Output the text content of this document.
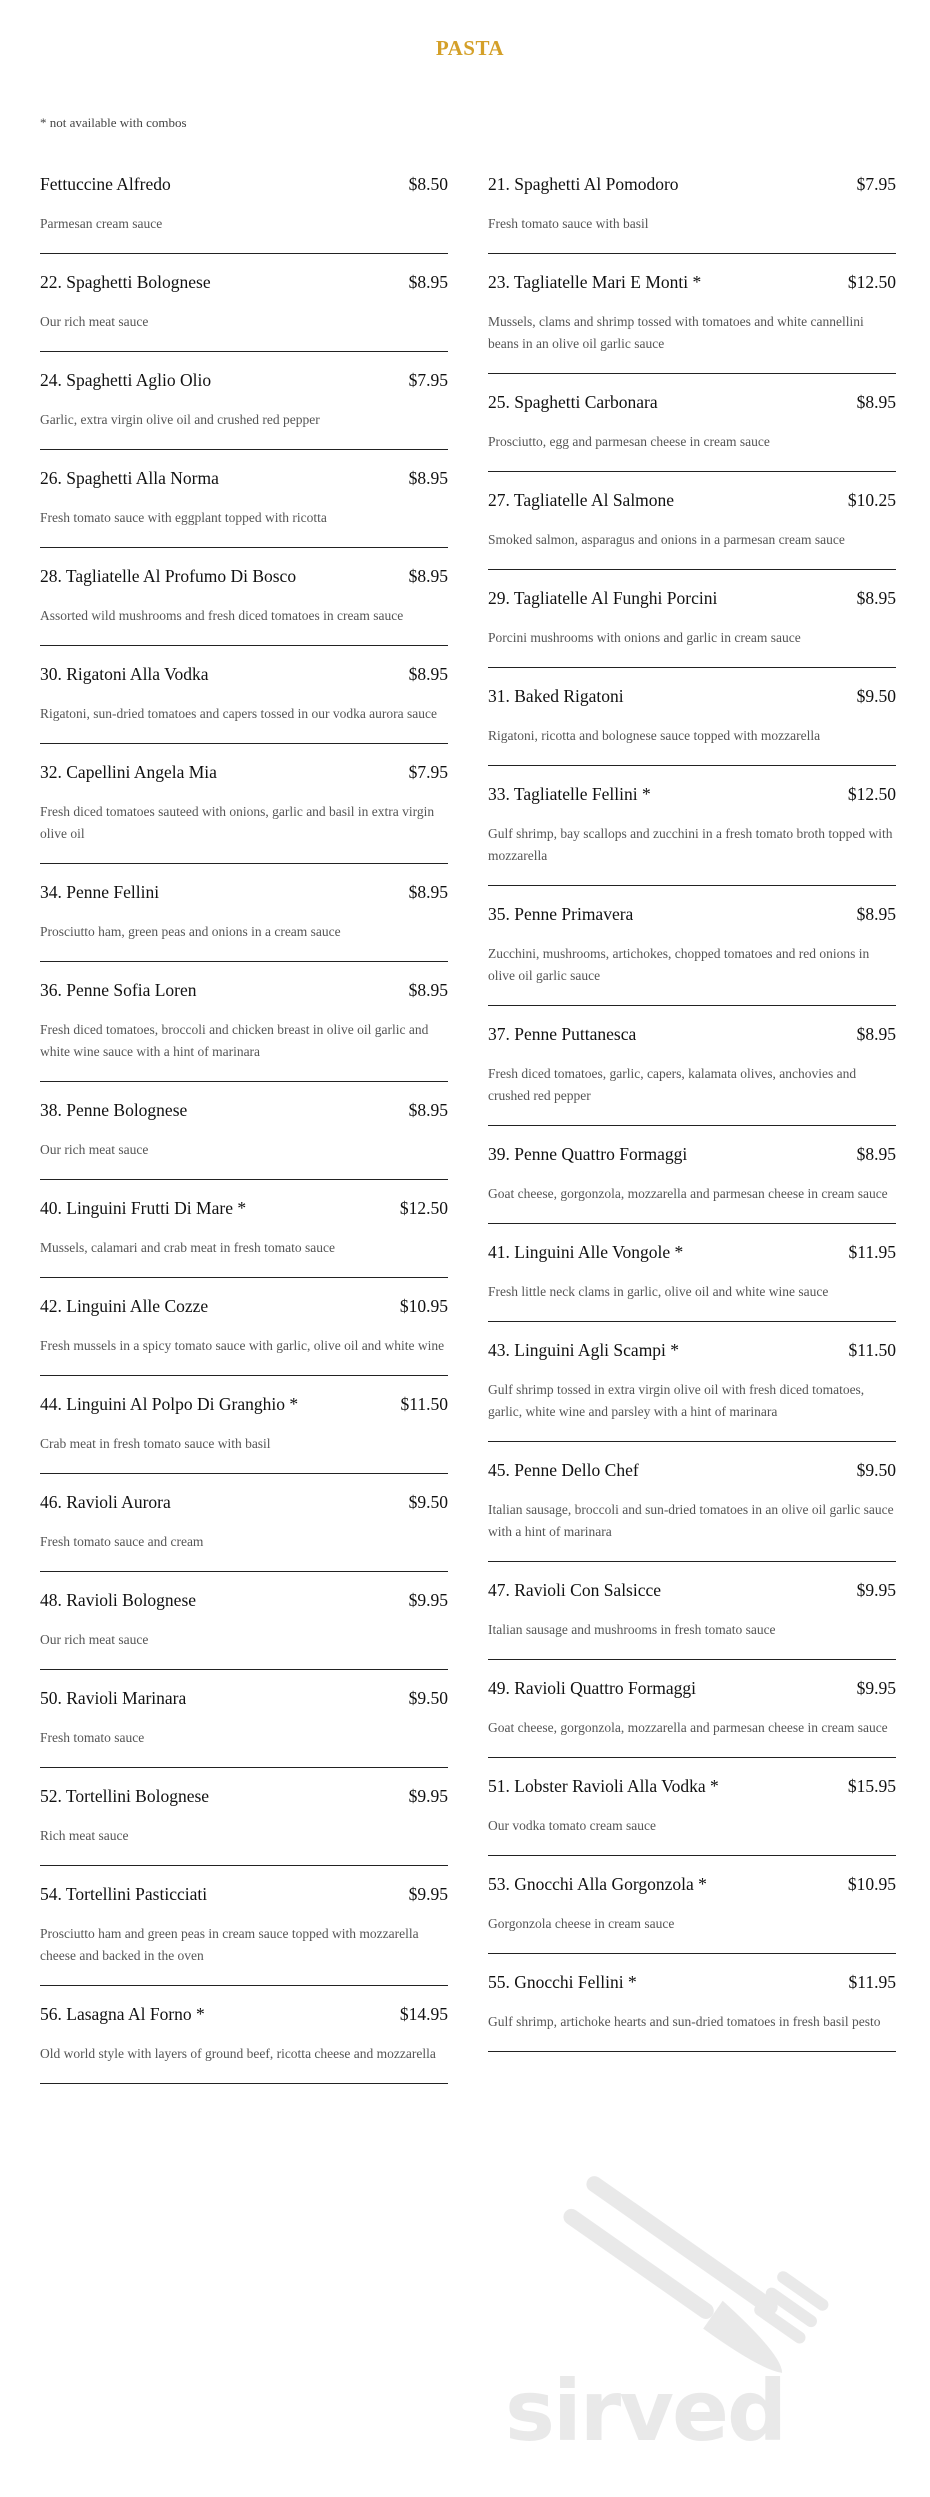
PASTA
* not available with combos
Fettuccine Alfredo	$8.50
Parmesan cream sauce
22. Spaghetti Bolognese	$8.95
Our rich meat sauce
24. Spaghetti Aglio Olio	$7.95
Garlic, extra virgin olive oil and crushed red pepper
26. Spaghetti Alla Norma	$8.95
Fresh tomato sauce with eggplant topped with ricotta
28. Tagliatelle Al Profumo Di Bosco	$8.95
Assorted wild mushrooms and fresh diced tomatoes in cream sauce
30. Rigatoni Alla Vodka	$8.95
Rigatoni, sun-dried tomatoes and capers tossed in our vodka aurora sauce
32. Capellini Angela Mia	$7.95
Fresh diced tomatoes sauteed with onions, garlic and basil in extra virgin olive oil
34. Penne Fellini	$8.95
Prosciutto ham, green peas and onions in a cream sauce
36. Penne Sofia Loren	$8.95
Fresh diced tomatoes, broccoli and chicken breast in olive oil garlic and white wine sauce with a hint of marinara
38. Penne Bolognese	$8.95
Our rich meat sauce
40. Linguini Frutti Di Mare *	$12.50
Mussels, calamari and crab meat in fresh tomato sauce
42. Linguini Alle Cozze	$10.95
Fresh mussels in a spicy tomato sauce with garlic, olive oil and white wine
44. Linguini Al Polpo Di Granghio *	$11.50
Crab meat in fresh tomato sauce with basil
46. Ravioli Aurora	$9.50
Fresh tomato sauce and cream
48. Ravioli Bolognese	$9.95
Our rich meat sauce
50. Ravioli Marinara	$9.50
Fresh tomato sauce
52. Tortellini Bolognese	$9.95
Rich meat sauce
54. Tortellini Pasticciati	$9.95
Prosciutto ham and green peas in cream sauce topped with mozzarella cheese and backed in the oven
56. Lasagna Al Forno *	$14.95
Old world style with layers of ground beef, ricotta cheese and mozzarella
21. Spaghetti Al Pomodoro	$7.95
Fresh tomato sauce with basil
23. Tagliatelle Mari E Monti *	$12.50
Mussels, clams and shrimp tossed with tomatoes and white cannellini beans in an olive oil garlic sauce
25. Spaghetti Carbonara	$8.95
Prosciutto, egg and parmesan cheese in cream sauce
27. Tagliatelle Al Salmone	$10.25
Smoked salmon, asparagus and onions in a parmesan cream sauce
29. Tagliatelle Al Funghi Porcini	$8.95
Porcini mushrooms with onions and garlic in cream sauce
31. Baked Rigatoni	$9.50
Rigatoni, ricotta and bolognese sauce topped with mozzarella
33. Tagliatelle Fellini *	$12.50
Gulf shrimp, bay scallops and zucchini in a fresh tomato broth topped with mozzarella
35. Penne Primavera	$8.95
Zucchini, mushrooms, artichokes, chopped tomatoes and red onions in olive oil garlic sauce
37. Penne Puttanesca	$8.95
Fresh diced tomatoes, garlic, capers, kalamata olives, anchovies and crushed red pepper
39. Penne Quattro Formaggi	$8.95
Goat cheese, gorgonzola, mozzarella and parmesan cheese in cream sauce
41. Linguini Alle Vongole *	$11.95
Fresh little neck clams in garlic, olive oil and white wine sauce
43. Linguini Agli Scampi *	$11.50
Gulf shrimp tossed in extra virgin olive oil with fresh diced tomatoes, garlic, white wine and parsley with a hint of marinara
45. Penne Dello Chef	$9.50
Italian sausage, broccoli and sun-dried tomatoes in an olive oil garlic sauce with a hint of marinara
47. Ravioli Con Salsicce	$9.95
Italian sausage and mushrooms in fresh tomato sauce
49. Ravioli Quattro Formaggi	$9.95
Goat cheese, gorgonzola, mozzarella and parmesan cheese in cream sauce
51. Lobster Ravioli Alla Vodka *	$15.95
Our vodka tomato cream sauce
53. Gnocchi Alla Gorgonzola *	$10.95
Gorgonzola cheese in cream sauce
55. Gnocchi Fellini *	$11.95
Gulf shrimp, artichoke hearts and sun-dried tomatoes in fresh basil pesto
sirved
